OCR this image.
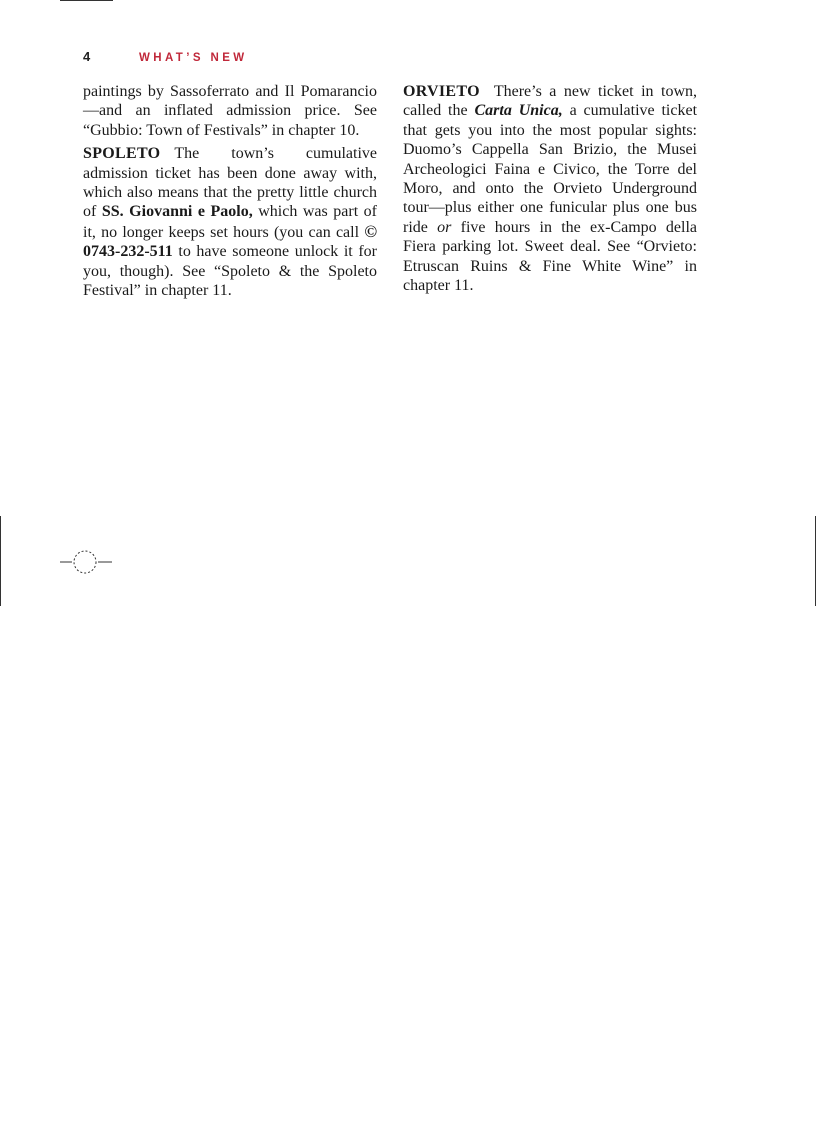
4	WHAT’S NEW

paintings by Sassoferrato and Il Pomarancio—and an inflated admission price. See “Gubbio: Town of Festivals” in chapter 10.

SPOLETO The town’s cumulative admission ticket has been done away with, which also means that the pretty little church of SS. Giovanni e Paolo, which was part of it, no longer keeps set hours (you can call © 0743-232-511 to have someone unlock it for you, though). See “Spoleto & the Spoleto Festival” in chapter 11.

ORVIETO There’s a new ticket in town, called the Carta Unica, a cumulative ticket that gets you into the most popular sights: Duomo’s Cappella San Brizio, the Musei Archeologici Faina e Civico, the Torre del Moro, and onto the Orvieto Underground tour—plus either one funicular plus one bus ride or five hours in the ex-Campo della Fiera parking lot. Sweet deal. See “Orvieto: Etruscan Ruins & Fine White Wine” in chapter 11.
